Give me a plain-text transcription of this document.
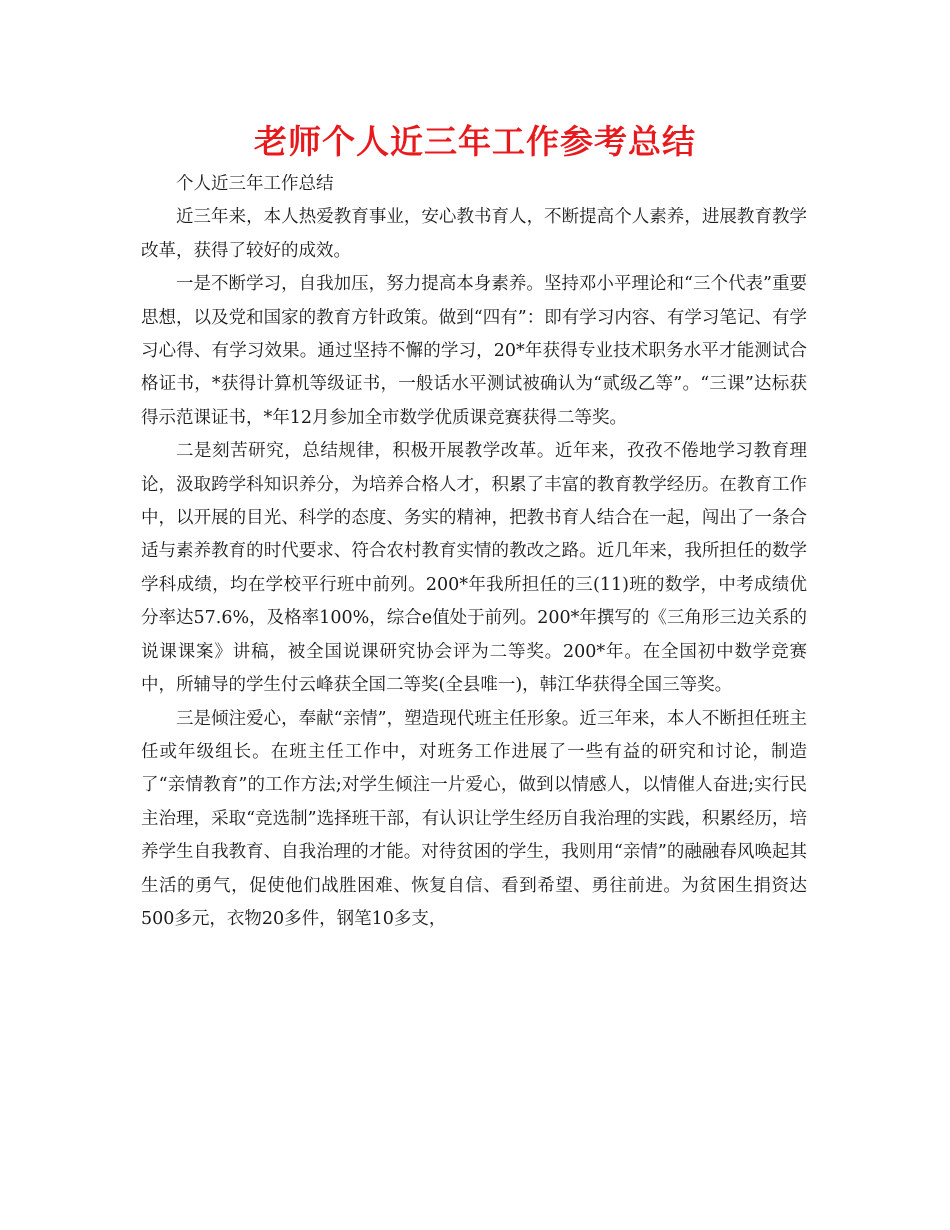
老师个人近三年工作参考总结

个人近三年工作总结

近三年来，本人热爱教育事业，安心教书育人，不断提高个人素养，进展教育教学改革，获得了较好的成效。

一是不断学习，自我加压，努力提高本身素养。坚持邓小平理论和“三个代表”重要思想，以及党和国家的教育方针政策。做到“四有”：即有学习内容、有学习笔记、有学习心得、有学习效果。通过坚持不懈的学习，20*年获得专业技术职务水平才能测试合格证书，*获得计算机等级证书，一般话水平测试被确认为“贰级乙等”。“三课”达标获得示范课证书，*年12月参加全市数学优质课竞赛获得二等奖。

二是刻苦研究，总结规律，积极开展教学改革。近年来，孜孜不倦地学习教育理论，汲取跨学科知识养分，为培养合格人才，积累了丰富的教育教学经历。在教育工作中，以开展的目光、科学的态度、务实的精神，把教书育人结合在一起，闯出了一条合适与素养教育的时代要求、符合农村教育实情的教改之路。近几年来，我所担任的数学学科成绩，均在学校平行班中前列。200*年我所担任的三(11)班的数学，中考成绩优分率达57.6%，及格率100%，综合e值处于前列。200*年撰写的《三角形三边关系的说课课案》讲稿，被全国说课研究协会评为二等奖。200*年。在全国初中数学竞赛中，所辅导的学生付云峰获全国二等奖(全县唯一)，韩江华获得全国三等奖。

三是倾注爱心，奉献“亲情”，塑造现代班主任形象。近三年来，本人不断担任班主任或年级组长。在班主任工作中，对班务工作进展了一些有益的研究和讨论，制造了“亲情教育”的工作方法;对学生倾注一片爱心，做到以情感人，以情催人奋进;实行民主治理，采取“竞选制”选择班干部，有认识让学生经历自我治理的实践，积累经历，培养学生自我教育、自我治理的才能。对待贫困的学生，我则用“亲情”的融融春风唤起其生活的勇气，促使他们战胜困难、恢复自信、看到希望、勇往前进。为贫困生捐资达500多元，衣物20多件，钢笔10多支，
